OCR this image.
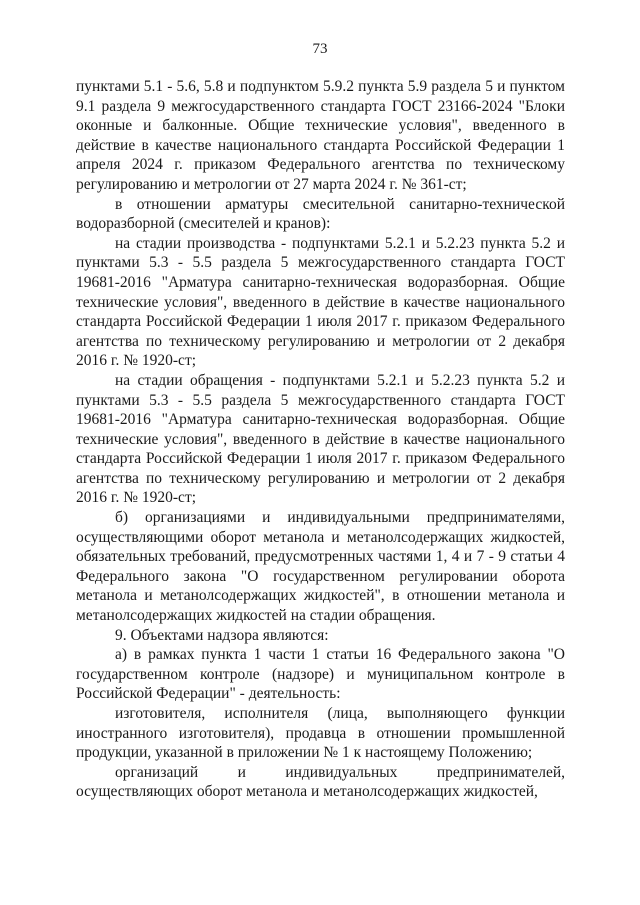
73

пунктами 5.1 - 5.6, 5.8 и подпунктом 5.9.2 пункта 5.9 раздела 5 и пунктом 9.1 раздела 9 межгосударственного стандарта ГОСТ 23166-2024 "Блоки оконные и балконные. Общие технические условия", введенного в действие в качестве национального стандарта Российской Федерации 1 апреля 2024 г. приказом Федерального агентства по техническому регулированию и метрологии от 27 марта 2024 г. № 361-ст;

в отношении арматуры смесительной санитарно-технической водоразборной (смесителей и кранов):

на стадии производства - подпунктами 5.2.1 и 5.2.23 пункта 5.2 и пунктами 5.3 - 5.5 раздела 5 межгосударственного стандарта ГОСТ 19681-2016 "Арматура санитарно-техническая водоразборная. Общие технические условия", введенного в действие в качестве национального стандарта Российской Федерации 1 июля 2017 г. приказом Федерального агентства по техническому регулированию и метрологии от 2 декабря 2016 г. № 1920-ст;

на стадии обращения - подпунктами 5.2.1 и 5.2.23 пункта 5.2 и пунктами 5.3 - 5.5 раздела 5 межгосударственного стандарта ГОСТ 19681-2016 "Арматура санитарно-техническая водоразборная. Общие технические условия", введенного в действие в качестве национального стандарта Российской Федерации 1 июля 2017 г. приказом Федерального агентства по техническому регулированию и метрологии от 2 декабря 2016 г. № 1920-ст;

б) организациями и индивидуальными предпринимателями, осуществляющими оборот метанола и метанолсодержащих жидкостей, обязательных требований, предусмотренных частями 1, 4 и 7 - 9 статьи 4 Федерального закона "О государственном регулировании оборота метанола и метанолсодержащих жидкостей", в отношении метанола и метанолсодержащих жидкостей на стадии обращения.

9. Объектами надзора являются:

а) в рамках пункта 1 части 1 статьи 16 Федерального закона "О государственном контроле (надзоре) и муниципальном контроле в Российской Федерации" - деятельность:

изготовителя, исполнителя (лица, выполняющего функции иностранного изготовителя), продавца в отношении промышленной продукции, указанной в приложении № 1 к настоящему Положению;

организаций и индивидуальных предпринимателей, осуществляющих оборот метанола и метанолсодержащих жидкостей,
